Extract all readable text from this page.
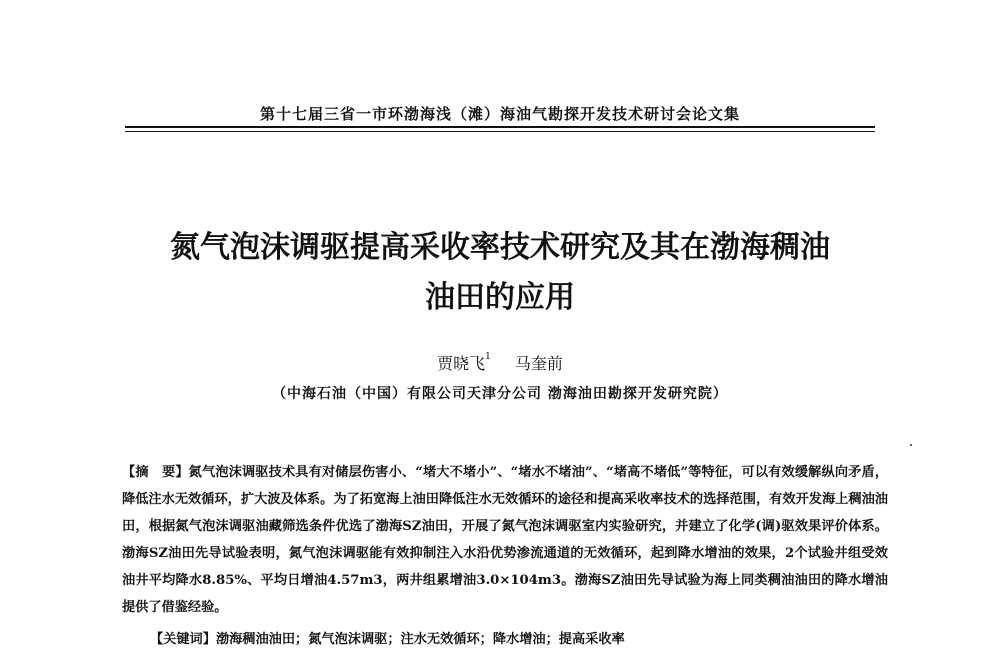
第十七届三省一市环渤海浅（滩）海油气勘探开发技术研讨会论文集
氮气泡沫调驱提高采收率技术研究及其在渤海稠油
油田的应用
贾晓飞$^1$ 马奎前
（中海石油（中国）有限公司天津分公司 渤海油田勘探开发研究院）
【摘　要】氮气泡沫调驱技术具有对储层伤害小、“堵大不堵小”、“堵水不堵油”、“堵高不堵低”等特征，可以有效缓解纵向矛盾，降低注水无效循环，扩大波及体系。为了拓宽海上油田降低注水无效循环的途径和提高采收率技术的选择范围，有效开发海上稠油油田，根据氮气泡沫调驱油藏筛选条件优选了渤海SZ油田，开展了氮气泡沫调驱室内实验研究，并建立了化学(调)驱效果评价体系。渤海SZ油田先导试验表明，氮气泡沫调驱能有效抑制注入水沿优势渗流通道的无效循环，起到降水增油的效果，2个试验井组受效油井平均降水8.85%、平均日增油4.57m3，两井组累增油3.0×104m3。渤海SZ油田先导试验为海上同类稠油油田的降水增油提供了借鉴经验。
【关键词】渤海稠油油田；氮气泡沫调驱；注水无效循环；降水增油；提高采收率
